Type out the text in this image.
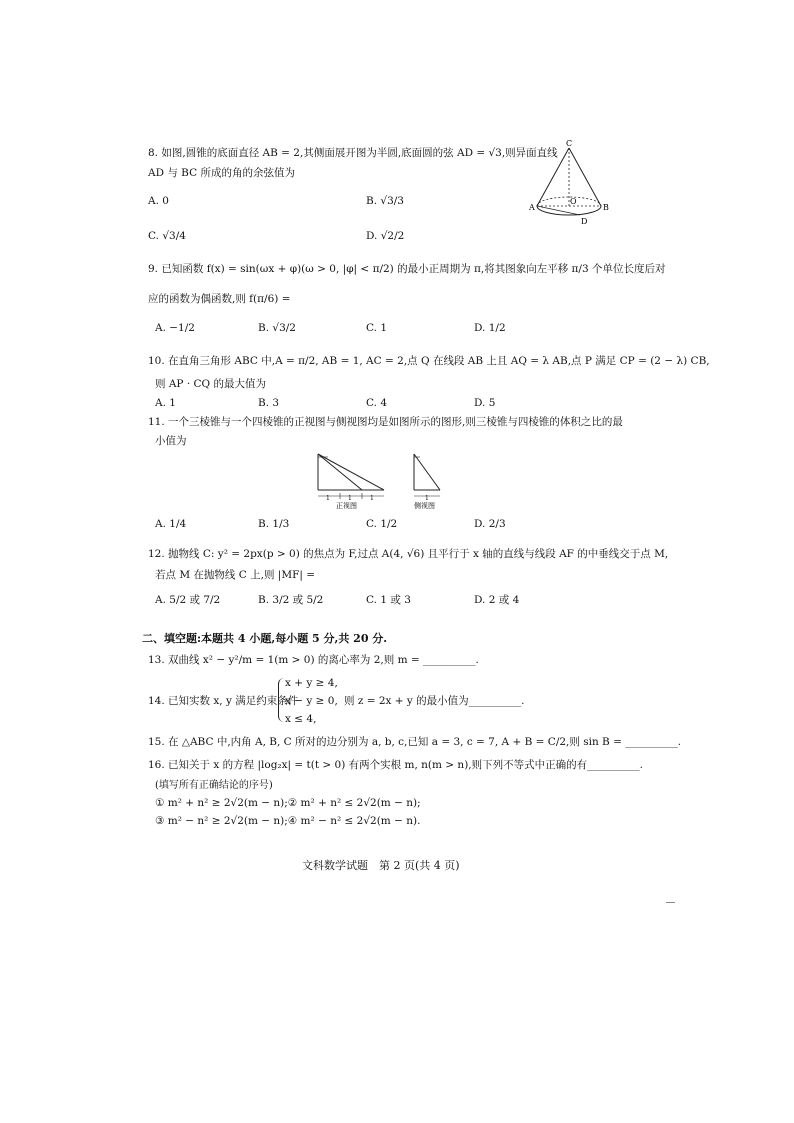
8. 如图,圆锥的底面直径 AB = 2,其侧面展开图为半圆,底面圆的弦 AD = √3,则异面直线
AD 与 BC 所成的角的余弦值为
A. 0	B. √3/3
C. √3/4	D. √2/2
C
A	B
O
D
9. 已知函数 f(x) = sin(ωx + φ)(ω > 0, |φ| < π/2) 的最小正周期为 π,将其图象向左平移 π/3 个单位长度后对
应的函数为偶函数,则 f(π/6) =
A. −1/2	B. √3/2	C. 1	D. 1/2
10. 在直角三角形 ABC 中,A = π/2, AB = 1, AC = 2,点 Q 在线段 AB 上且 AQ = λ AB,点 P 满足 CP = (2 − λ) CB,
则 AP · CQ 的最大值为
A. 1	B. 3	C. 4	D. 5
11. 一个三棱锥与一个四棱锥的正视图与侧视图均是如图所示的图形,则三棱锥与四棱锥的体积之比的最
小值为
1	1	1
正视图
1
侧视图
A. 1/4	B. 1/3	C. 1/2	D. 2/3
12. 抛物线 C: y² = 2px(p > 0) 的焦点为 F,过点 A(4, √6) 且平行于 x 轴的直线与线段 AF 的中垂线交于点 M,
若点 M 在抛物线 C 上,则 |MF| =
A. 5/2 或 7/2	B. 3/2 或 5/2	C. 1 或 3	D. 2 或 4
二、填空题:本题共 4 小题,每小题 5 分,共 20 分.
13. 双曲线 x² − y²/m = 1(m > 0) 的离心率为 2,则 m = __________.
14. 已知实数 x, y 满足约束条件
x + y ≥ 4,
x − y ≥ 0,
x ≤ 4,
则 z = 2x + y 的最小值为__________.
15. 在 △ABC 中,内角 A, B, C 所对的边分别为 a, b, c,已知 a = 3, c = 7, A + B = C/2,则 sin B = __________.
16. 已知关于 x 的方程 |log₂x| = t(t > 0) 有两个实根 m, n(m > n),则下列不等式中正确的有__________.
(填写所有正确结论的序号)
① m² + n² ≥ 2√2(m − n);② m² + n² ≤ 2√2(m − n);
③ m² − n² ≥ 2√2(m − n);④ m² − n² ≤ 2√2(m − n).
文科数学试题　第 2 页(共 4 页)
